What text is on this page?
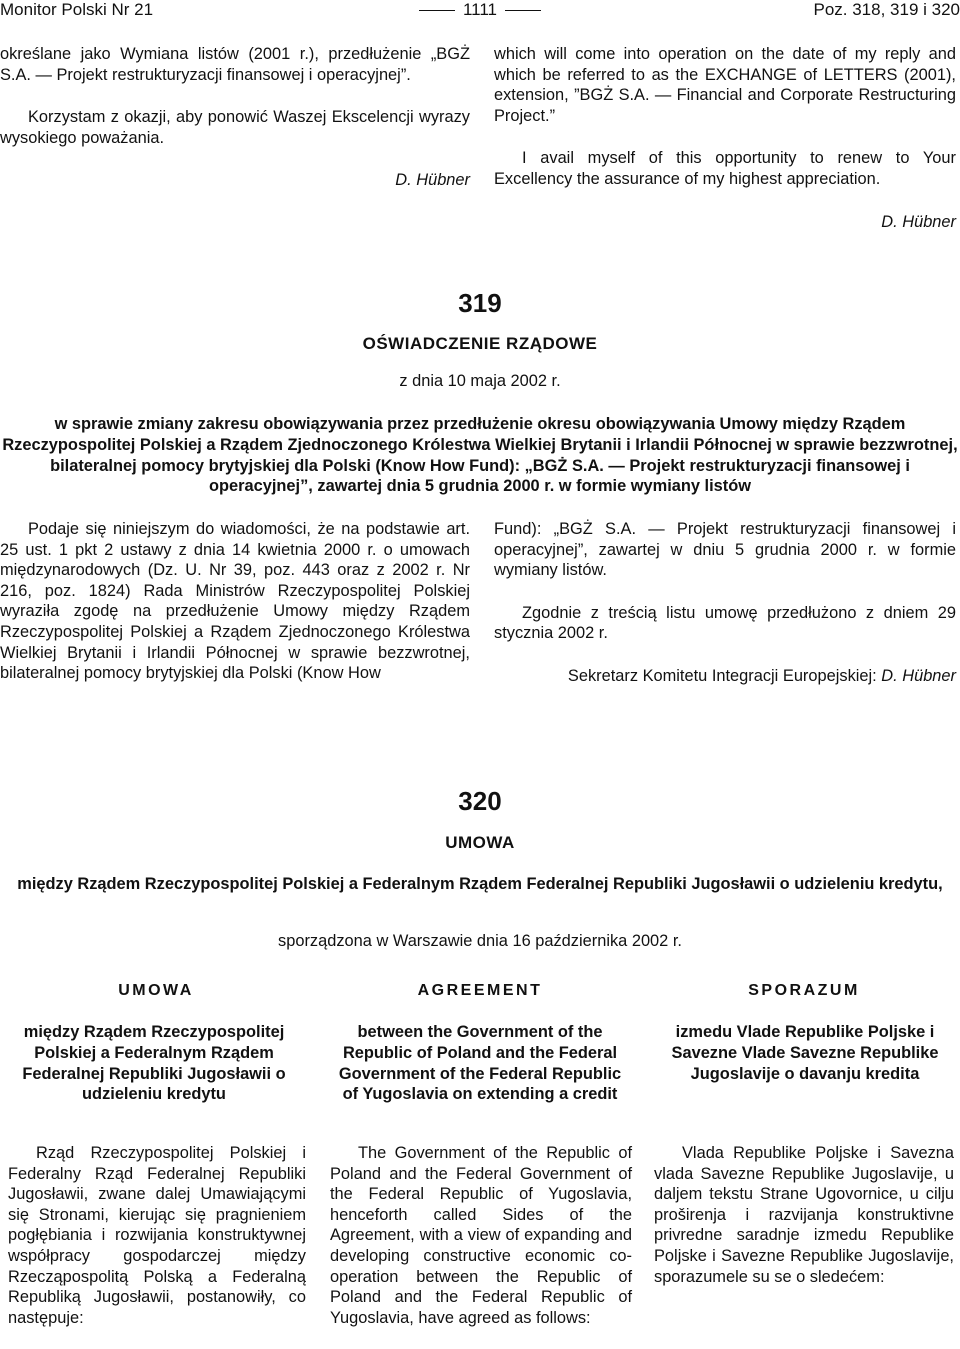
Monitor Polski Nr 21	1111	Poz. 318, 319 i 320

określane jako Wymiana listów (2001 r.), przedłużenie „BGŻ S.A. — Projekt restrukturyzacji finansowej i operacyjnej”.

Korzystam z okazji, aby ponowić Waszej Ekscelencji wyrazy wysokiego poważania.

D. Hübner

which will come into operation on the date of my reply and which be referred to as the EXCHANGE of LETTERS (2001), extension, ”BGŻ S.A. — Financial and Corporate Restructuring Project.”

I avail myself of this opportunity to renew to Your Excellency the assurance of my highest appreciation.

D. Hübner

319
OŚWIADCZENIE RZĄDOWE
z dnia 10 maja 2002 r.
w sprawie zmiany zakresu obowiązywania przez przedłużenie okresu obowiązywania Umowy między Rządem Rzeczypospolitej Polskiej a Rządem Zjednoczonego Królestwa Wielkiej Brytanii i Irlandii Północnej w sprawie bezzwrotnej, bilateralnej pomocy brytyjskiej dla Polski (Know How Fund): „BGŻ S.A. — Projekt restrukturyzacji finansowej i operacyjnej”, zawartej dnia 5 grudnia 2000 r. w formie wymiany listów

Podaje się niniejszym do wiadomości, że na podstawie art. 25 ust. 1 pkt 2 ustawy z dnia 14 kwietnia 2000 r. o umowach międzynarodowych (Dz. U. Nr 39, poz. 443 oraz z 2002 r. Nr 216, poz. 1824) Rada Ministrów Rzeczypospolitej Polskiej wyraziła zgodę na przedłużenie Umowy między Rządem Rzeczypospolitej Polskiej a Rządem Zjednoczonego Królestwa Wielkiej Brytanii i Irlandii Północnej w sprawie bezzwrotnej, bilateralnej pomocy brytyjskiej dla Polski (Know How

Fund): „BGŻ S.A. — Projekt restrukturyzacji finansowej i operacyjnej”, zawartej w dniu 5 grudnia 2000 r. w formie wymiany listów.

Zgodnie z treścią listu umowę przedłużono z dniem 29 stycznia 2002 r.

Sekretarz Komitetu Integracji Europejskiej: D. Hübner

320
UMOWA
między Rządem Rzeczypospolitej Polskiej a Federalnym Rządem Federalnej Republiki Jugosławii o udzieleniu kredytu,
sporządzona w Warszawie dnia 16 października 2002 r.
UMOWA	AGREEMENT	SPORAZUM
między Rządem Rzeczypospolitej Polskiej a Federalnym Rządem Federalnej Republiki Jugosławii o udzieleniu kredytu
between the Government of the Republic of Poland and the Federal Government of the Federal Republic of Yugoslavia on extending a credit
izmedu Vlade Republike Poljske i Savezne Vlade Savezne Republike Jugoslavije o davanju kredita

Rząd Rzeczypospolitej Polskiej i Federalny Rząd Federalnej Republiki Jugosławii, zwane dalej Umawiającymi się Stronami, kierując się pragnieniem pogłębiania i rozwijania konstruktywnej współpracy gospodarczej między Rzecząpospolitą Polską a Federalną Republiką Jugosławii, postanowiły, co następuje:

The Government of the Republic of Poland and the Federal Government of the Federal Republic of Yugoslavia, henceforth called Sides of the Agreement, with a view of expanding and developing constructive economic co-operation between the Republic of Poland and the Federal Republic of Yugoslavia, have agreed as follows:

Vlada Republike Poljske i Savezna vlada Savezne Republike Jugoslavije, u daljem tekstu Strane Ugovornice, u cilju proširenja i razvijanja konstruktivne privredne saradnje izmedu Republike Poljske i Savezne Republike Jugoslavije, sporazumele su se o sledećem:
